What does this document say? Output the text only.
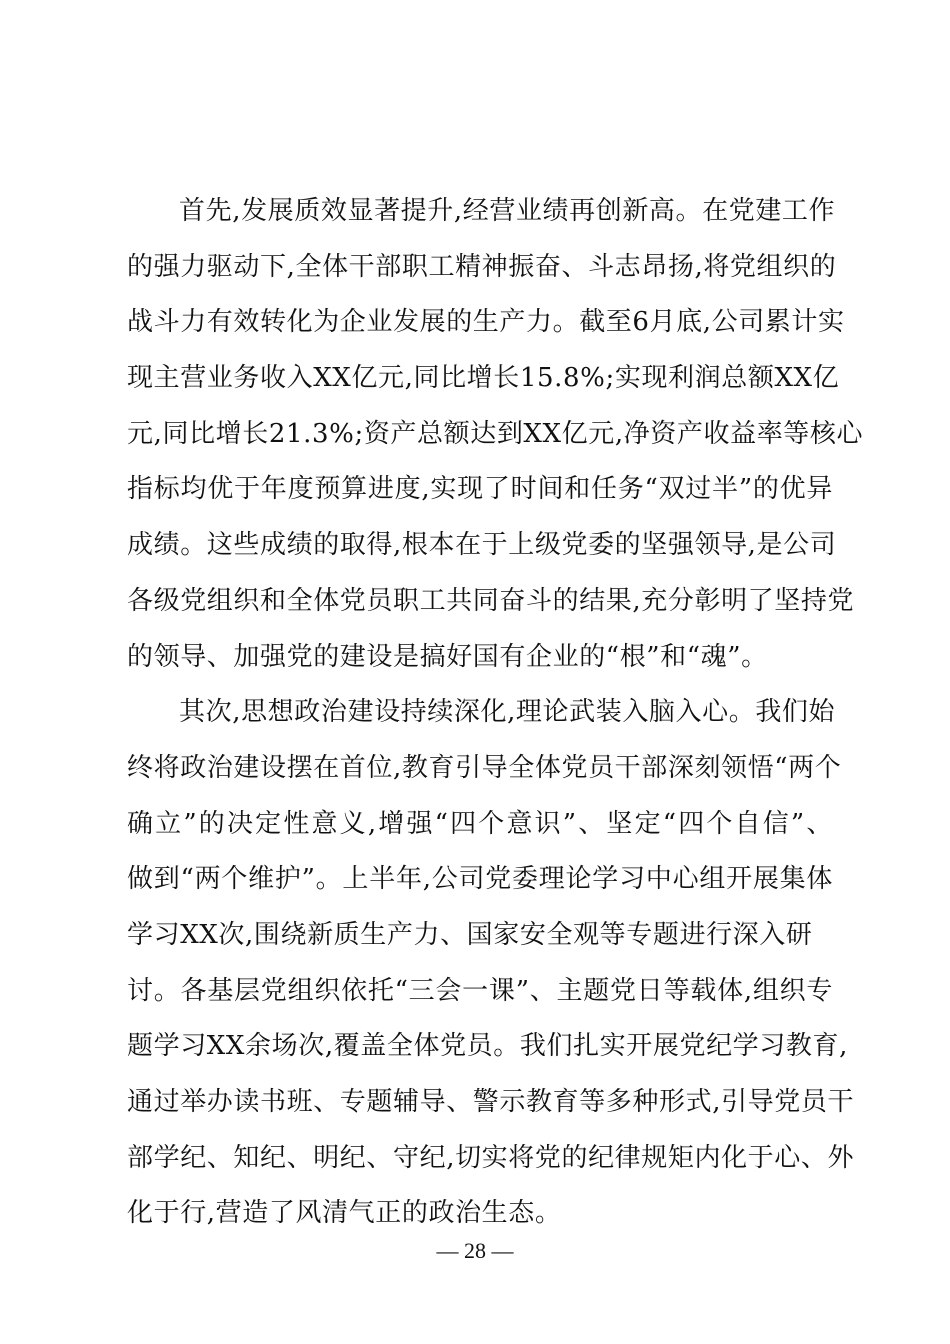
首先,发展质效显著提升,经营业绩再创新高。在党建工作
的强力驱动下,全体干部职工精神振奋、斗志昂扬,将党组织的
战斗力有效转化为企业发展的生产力。截至6月底,公司累计实
现主营业务收入XX亿元,同比增长15.8%;实现利润总额XX亿
元,同比增长21.3%;资产总额达到XX亿元,净资产收益率等核心
指标均优于年度预算进度,实现了时间和任务“双过半”的优异
成绩。这些成绩的取得,根本在于上级党委的坚强领导,是公司
各级党组织和全体党员职工共同奋斗的结果,充分彰明了坚持党
的领导、加强党的建设是搞好国有企业的“根”和“魂”。

其次,思想政治建设持续深化,理论武装入脑入心。我们始
终将政治建设摆在首位,教育引导全体党员干部深刻领悟“两个
确立”的决定性意义,增强“四个意识”、坚定“四个自信”、
做到“两个维护”。上半年,公司党委理论学习中心组开展集体
学习XX次,围绕新质生产力、国家安全观等专题进行深入研
讨。各基层党组织依托“三会一课”、主题党日等载体,组织专
题学习XX余场次,覆盖全体党员。我们扎实开展党纪学习教育,
通过举办读书班、专题辅导、警示教育等多种形式,引导党员干
部学纪、知纪、明纪、守纪,切实将党的纪律规矩内化于心、外
化于行,营造了风清气正的政治生态。

— 28 —
